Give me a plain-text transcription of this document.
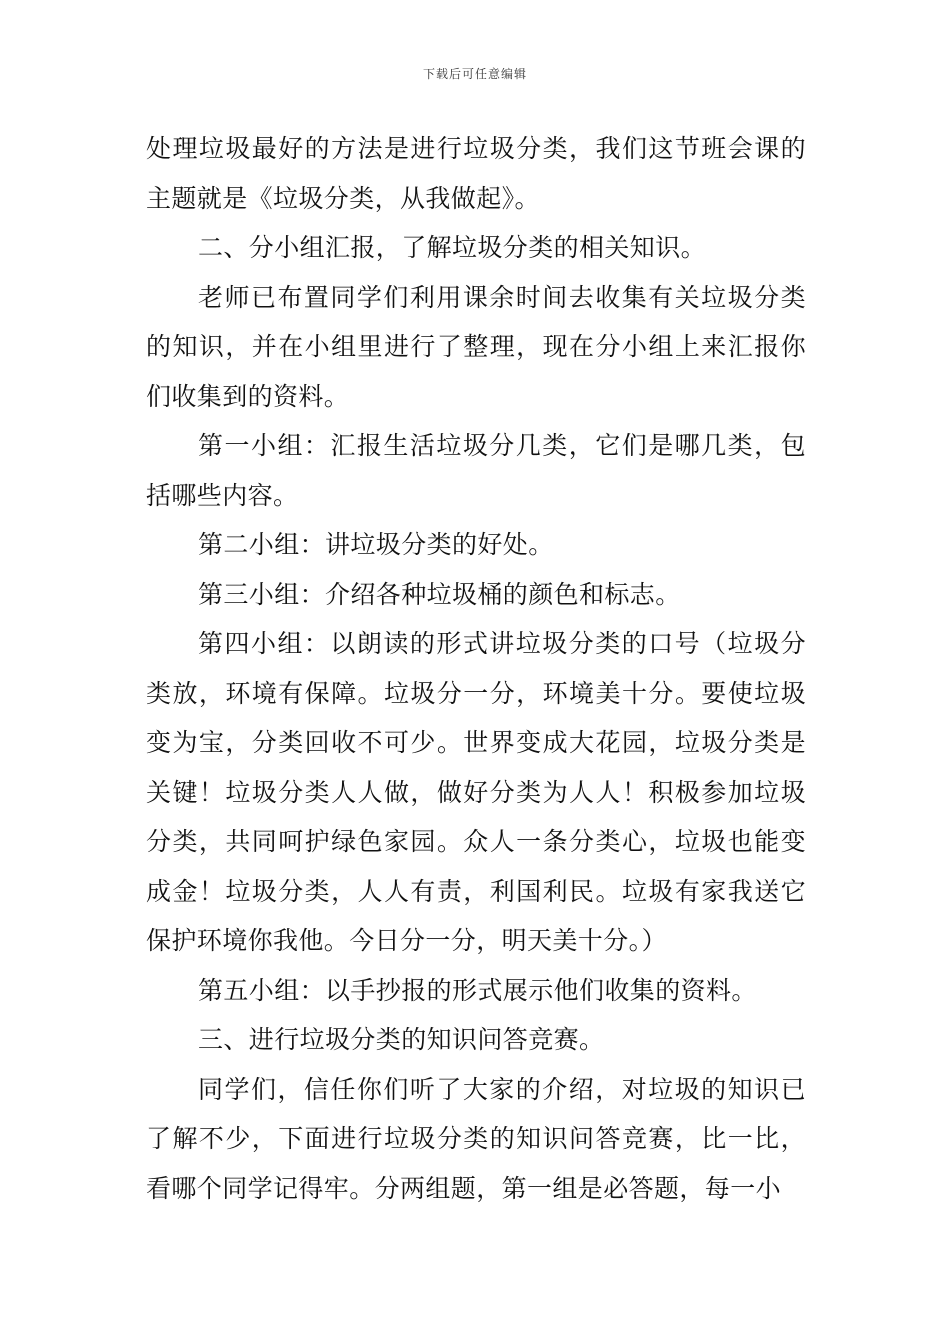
下载后可任意编辑

处理垃圾最好的方法是进行垃圾分类，我们这节班会课的主题就是《垃圾分类，从我做起》。

二、分小组汇报，了解垃圾分类的相关知识。

老师已布置同学们利用课余时间去收集有关垃圾分类的知识，并在小组里进行了整理，现在分小组上来汇报你们收集到的资料。

第一小组：汇报生活垃圾分几类，它们是哪几类，包括哪些内容。

第二小组：讲垃圾分类的好处。

第三小组：介绍各种垃圾桶的颜色和标志。

第四小组：以朗读的形式讲垃圾分类的口号（垃圾分类放，环境有保障。垃圾分一分，环境美十分。要使垃圾变为宝，分类回收不可少。世界变成大花园，垃圾分类是关键！垃圾分类人人做，做好分类为人人！积极参加垃圾分类，共同呵护绿色家园。众人一条分类心，垃圾也能变成金！垃圾分类，人人有责，利国利民。垃圾有家我送它保护环境你我他。今日分一分，明天美十分。）

第五小组：以手抄报的形式展示他们收集的资料。

三、进行垃圾分类的知识问答竞赛。

同学们，信任你们听了大家的介绍，对垃圾的知识已了解不少，下面进行垃圾分类的知识问答竞赛，比一比，看哪个同学记得牢。分两组题，第一组是必答题，每一小
